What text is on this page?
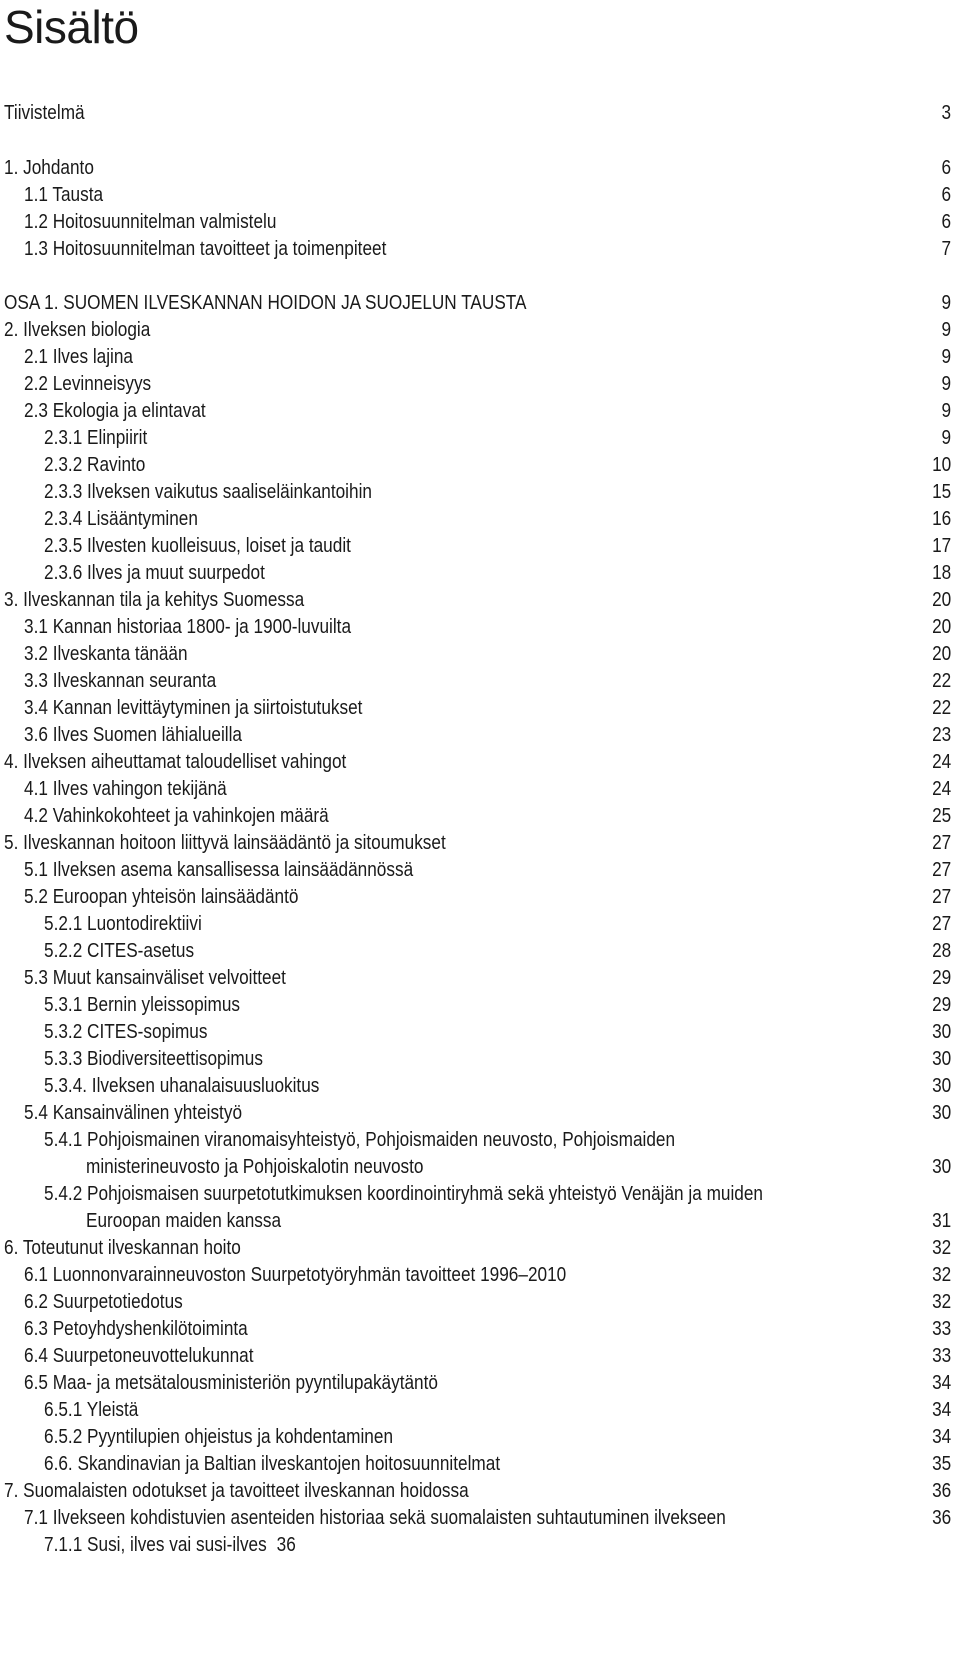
Sisältö
Tiivistelmä	3
1. Johdanto	6
1.1 Tausta	6
1.2 Hoitosuunnitelman valmistelu	6
1.3 Hoitosuunnitelman tavoitteet ja toimenpiteet	7
OSA 1. SUOMEN ILVESKANNAN HOIDON JA SUOJELUN TAUSTA	9
2. Ilveksen biologia	9
2.1 Ilves lajina	9
2.2 Levinneisyys	9
2.3 Ekologia ja elintavat	9
2.3.1 Elinpiirit	9
2.3.2 Ravinto	10
2.3.3 Ilveksen vaikutus saaliseläinkantoihin	15
2.3.4 Lisääntyminen	16
2.3.5 Ilvesten kuolleisuus, loiset ja taudit	17
2.3.6 Ilves ja muut suurpedot	18
3. Ilveskannan tila ja kehitys Suomessa	20
3.1 Kannan historiaa 1800- ja 1900-luvuilta	20
3.2 Ilveskanta tänään	20
3.3 Ilveskannan seuranta	22
3.4 Kannan levittäytyminen ja siirtoistutukset	22
3.6 Ilves Suomen lähialueilla	23
4. Ilveksen aiheuttamat taloudelliset vahingot	24
4.1 Ilves vahingon tekijänä	24
4.2 Vahinkokohteet ja vahinkojen määrä	25
5. Ilveskannan hoitoon liittyvä lainsäädäntö ja sitoumukset	27
5.1 Ilveksen asema kansallisessa lainsäädännössä	27
5.2 Euroopan yhteisön lainsäädäntö	27
5.2.1 Luontodirektiivi	27
5.2.2 CITES-asetus	28
5.3 Muut kansainväliset velvoitteet	29
5.3.1 Bernin yleissopimus	29
5.3.2 CITES-sopimus	30
5.3.3 Biodiversiteettisopimus	30
5.3.4. Ilveksen uhanalaisuusluokitus	30
5.4 Kansainvälinen yhteistyö	30
5.4.1 Pohjoismainen viranomaisyhteistyö, Pohjoismaiden neuvosto, Pohjoismaiden
ministerineuvosto ja Pohjoiskalotin neuvosto	30
5.4.2 Pohjoismaisen suurpetotutkimuksen koordinointiryhmä sekä yhteistyö Venäjän ja muiden
Euroopan maiden kanssa	31
6. Toteutunut ilveskannan hoito	32
6.1 Luonnonvarainneuvoston Suurpetotyöryhmän tavoitteet 1996–2010	32
6.2 Suurpetotiedotus	32
6.3 Petoyhdyshenkilötoiminta	33
6.4 Suurpetoneuvottelukunnat	33
6.5 Maa- ja metsätalousministeriön pyyntilupakäytäntö	34
6.5.1 Yleistä	34
6.5.2 Pyyntilupien ohjeistus ja kohdentaminen	34
6.6. Skandinavian ja Baltian ilveskantojen hoitosuunnitelmat	35
7. Suomalaisten odotukset ja tavoitteet ilveskannan hoidossa	36
7.1 Ilvekseen kohdistuvien asenteiden historiaa sekä suomalaisten suhtautuminen ilvekseen	36
7.1.1 Susi, ilves vai susi-ilves 36
